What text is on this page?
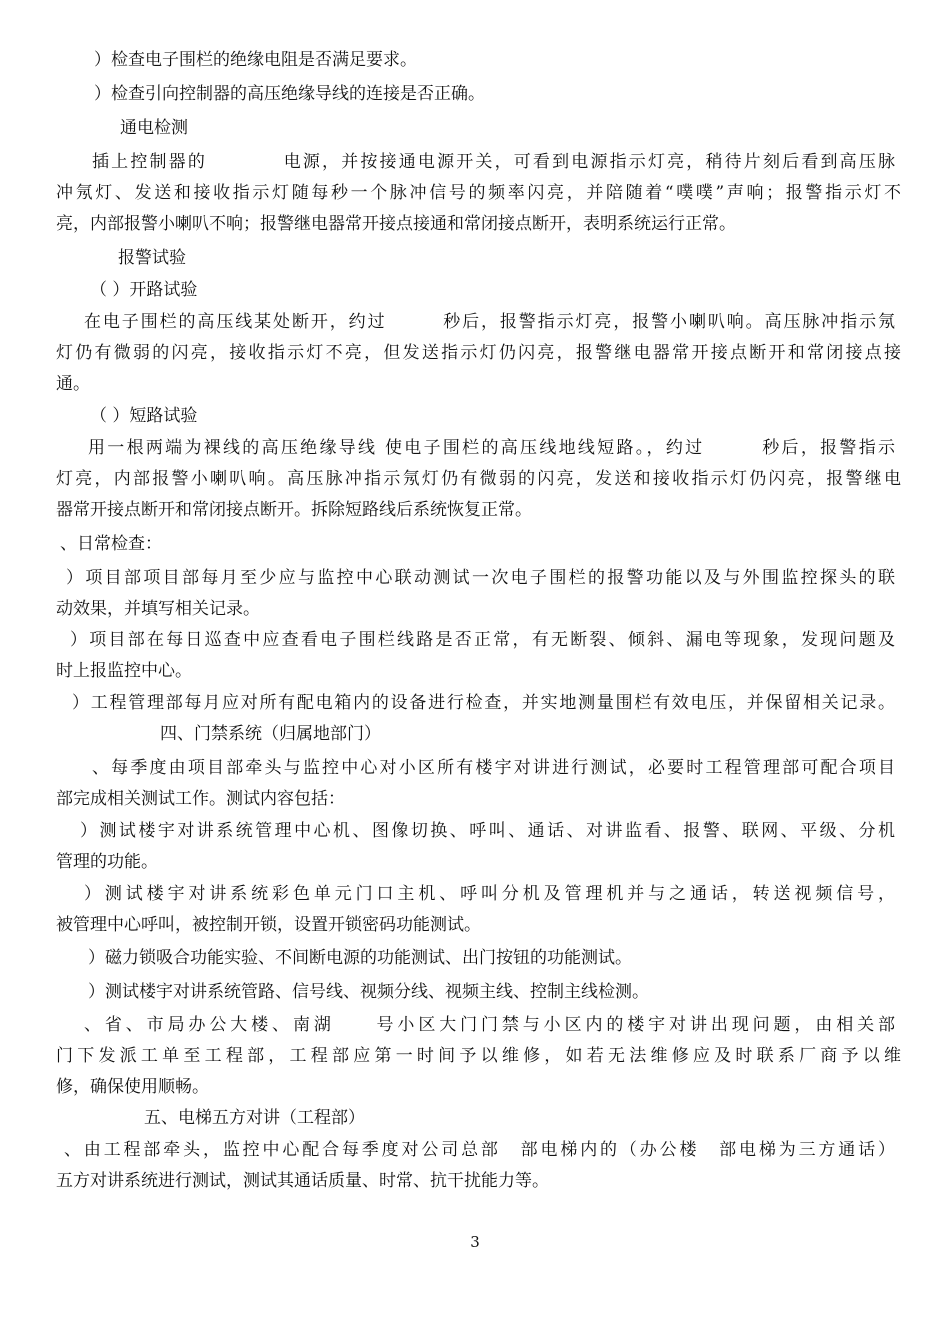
）检查电子围栏的绝缘电阻是否满足要求。
）检查引向控制器的高压绝缘导线的连接是否正确。
通电检测
插上控制器的　　　　电源，并按接通电源开关，可看到电源指示灯亮，稍待片刻后看到高压脉
冲氖灯、发送和接收指示灯随每秒一个脉冲信号的频率闪亮，并陪随着“噗噗”声响；报警指示灯不
亮，内部报警小喇叭不响；报警继电器常开接点接通和常闭接点断开，表明系统运行正常。
报警试验
（ ）开路试验
在电子围栏的高压线某处断开，约过　　　秒后，报警指示灯亮，报警小喇叭响。高压脉冲指示氖
灯仍有微弱的闪亮，接收指示灯不亮，但发送指示灯仍闪亮，报警继电器常开接点断开和常闭接点接
通。
（ ）短路试验
用一根两端为裸线的高压绝缘导线 使电子围栏的高压线地线短路。，约过　　　秒后，报警指示
灯亮，内部报警小喇叭响。高压脉冲指示氖灯仍有微弱的闪亮，发送和接收指示灯仍闪亮，报警继电
器常开接点断开和常闭接点断开。拆除短路线后系统恢复正常。
、日常检查：
）项目部项目部每月至少应与监控中心联动测试一次电子围栏的报警功能以及与外围监控探头的联
动效果，并填写相关记录。
）项目部在每日巡查中应查看电子围栏线路是否正常，有无断裂、倾斜、漏电等现象，发现问题及
时上报监控中心。
）工程管理部每月应对所有配电箱内的设备进行检查，并实地测量围栏有效电压，并保留相关记录。
四、门禁系统（归属地部门）
、每季度由项目部牵头与监控中心对小区所有楼宇对讲进行测试，必要时工程管理部可配合项目
部完成相关测试工作。测试内容包括：
）测试楼宇对讲系统管理中心机、图像切换、呼叫、通话、对讲监看、报警、联网、平级、分机
管理的功能。
）测试楼宇对讲系统彩色单元门口主机、呼叫分机及管理机并与之通话，转送视频信号，
被管理中心呼叫，被控制开锁，设置开锁密码功能测试。
）磁力锁吸合功能实验、不间断电源的功能测试、出门按钮的功能测试。
）测试楼宇对讲系统管路、信号线、视频分线、视频主线、控制主线检测。
、省、市局办公大楼、南湖　　号小区大门门禁与小区内的楼宇对讲出现问题，由相关部
门下发派工单至工程部，工程部应第一时间予以维修，如若无法维修应及时联系厂商予以维
修，确保使用顺畅。
五、电梯五方对讲（工程部）
、由工程部牵头，监控中心配合每季度对公司总部　部电梯内的（办公楼　部电梯为三方通话）
五方对讲系统进行测试，测试其通话质量、时常、抗干扰能力等。
3
